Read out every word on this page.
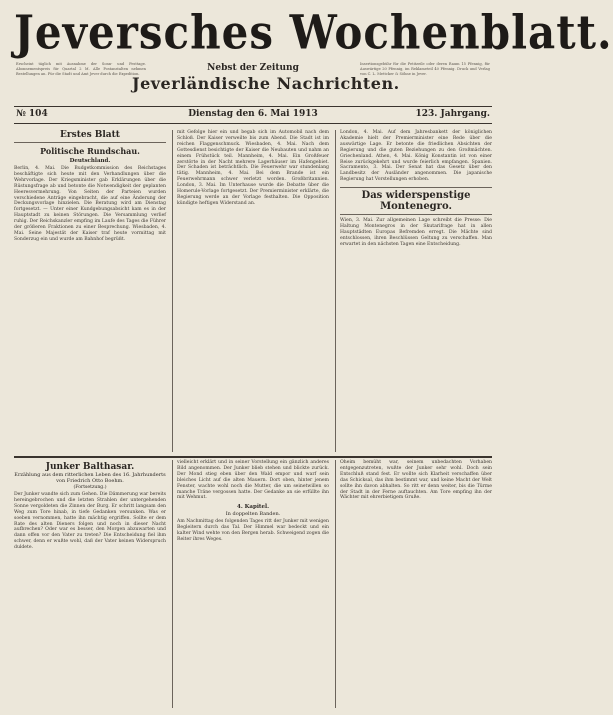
Jeversches Wochenblatt.
Erscheint täglich mit Ausnahme der Sonn- und Festtage. Abonnementspreis für Quartal 2 M. Alle Postanstalten nehmen Bestellungen an. Für die Stadt und Amt Jever durch die Expedition.
Nebst der Zeitung
Jeverländische Nachrichten.
Insertionsgebühr für die Petitzeile oder deren Raum 15 Pfennig, für Auswärtige 20 Pfennig, im Reklameteil 40 Pfennig. Druck und Verlag von C. L. Mettcker & Söhne in Jever.
№ 104	Dienstag den 6. Mai 1913	123. Jahrgang.
Erstes Blatt
Politische Rundschau.
Deutschland.
Berlin, 4. Mai. Die Budgetkommission des Reichstages beschäftigte sich heute mit den Verhandlungen über die Wehrvorlage. Der Kriegsminister gab Erklärungen über die Rüstungsfrage ab und betonte die Notwendigkeit der geplanten Heeresvermehrung. Von Seiten der Parteien wurden verschiedene Anträge eingebracht, die auf eine Änderung der Deckungsvorlage hinzielen. Die Beratung wird am Dienstag fortgesetzt. — Unter einer Kundgebungsabsicht kam es in der Hauptstadt zu keinen Störungen. Die Versammlung verlief ruhig. Der Reichskanzler empfing im Laufe des Tages die Führer der größeren Fraktionen zu einer Besprechung. Wiesbaden, 4. Mai. Seine Majestät der Kaiser traf heute vormittag mit Sonderzug ein und wurde am Bahnhof begrüßt.
mit Gefolge hier ein und begab sich im Automobil nach dem Schloß. Der Kaiser verweilte bis zum Abend. Die Stadt ist im reichen Flaggenschmuck. Wiesbaden, 4. Mai. Nach dem Gottesdienst besichtigte der Kaiser die Neubauten und nahm an einem Frühstück teil. Mannheim, 4. Mai. Ein Großfeuer zerstörte in der Nacht mehrere Lagerhäuser im Hafengebiet. Der Schaden ist beträchtlich. Die Feuerwehr war stundenlang tätig. Mannheim, 4. Mai. Bei dem Brande ist ein Feuerwehrmann schwer verletzt worden. Großbritannien. London, 3. Mai. Im Unterhause wurde die Debatte über die Homerule-Vorlage fortgesetzt. Der Premierminister erklärte, die Regierung werde an der Vorlage festhalten. Die Opposition kündigte heftigen Widerstand an.
London, 4. Mai. Auf dem Jahresbankett der königlichen Akademie hielt der Premierminister eine Rede über die auswärtige Lage. Er betonte die friedlichen Absichten der Regierung und die guten Beziehungen zu den Großmächten. Griechenland. Athen, 4. Mai. König Konstantin ist von einer Reise zurückgekehrt und wurde feierlich empfangen. Spanien. Sacramento, 3. Mai. Der Senat hat das Gesetz über den Landbesitz der Ausländer angenommen. Die japanische Regierung hat Vorstellungen erhoben.
Das widerspenstige Montenegro.
Wien, 3. Mai. Zur allgemeinen Lage schreibt die Presse: Die Haltung Montenegros in der Skutarifrage hat in allen Hauptstädten Europas Befremden erregt. Die Mächte sind entschlossen, ihren Beschlüssen Geltung zu verschaffen. Man erwartet in den nächsten Tagen eine Entscheidung.
Junker Balthasar.
Erzählung aus dem ritterlichen Leben des 16. Jahrhunderts
von Friedrich Otto Boehm.
(Fortsetzung.)
Der Junker wandte sich zum Gehen. Die Dämmerung war bereits hereingebrochen und die letzten Strahlen der untergehenden Sonne vergoldeten die Zinnen der Burg. Er schritt langsam den Weg zum Tore hinab, in tiefe Gedanken versunken. Was er soeben vernommen, hatte ihn mächtig ergriffen. Sollte er dem Rate des alten Dieners folgen und noch in dieser Nacht aufbrechen? Oder war es besser, den Morgen abzuwarten und dann offen vor den Vater zu treten? Die Entscheidung fiel ihm schwer, denn er wußte wohl, daß der Vater keinen Widerspruch duldete.
vielleicht erklärt und in seiner Vorstellung ein gänzlich anderes Bild angenommen. Der Junker blieb stehen und blickte zurück. Der Mond stieg eben über den Wald empor und warf sein bleiches Licht auf die alten Mauern. Dort oben, hinter jenem Fenster, wachte wohl noch die Mutter, die um seinetwillen so manche Träne vergossen hatte. Der Gedanke an sie erfüllte ihn mit Wehmut.
4. Kapitel.
In doppelten Banden.
Am Nachmittag des folgenden Tages ritt der Junker mit wenigen Begleitern durch das Tal. Der Himmel war bedeckt und ein kalter Wind wehte von den Bergen herab. Schweigend zogen die Reiter ihres Weges.
Oheim bemüht war, seinem unbedachten Vorhaben entgegenzutreten, wußte der Junker sehr wohl. Doch sein Entschluß stand fest. Er wollte sich Klarheit verschaffen über das Schicksal, das ihm bestimmt war, und keine Macht der Welt sollte ihn davon abhalten. So ritt er denn weiter, bis die Türme der Stadt in der Ferne auftauchten. Am Tore empfing ihn der Wächter mit ehrerbietigem Gruße.
